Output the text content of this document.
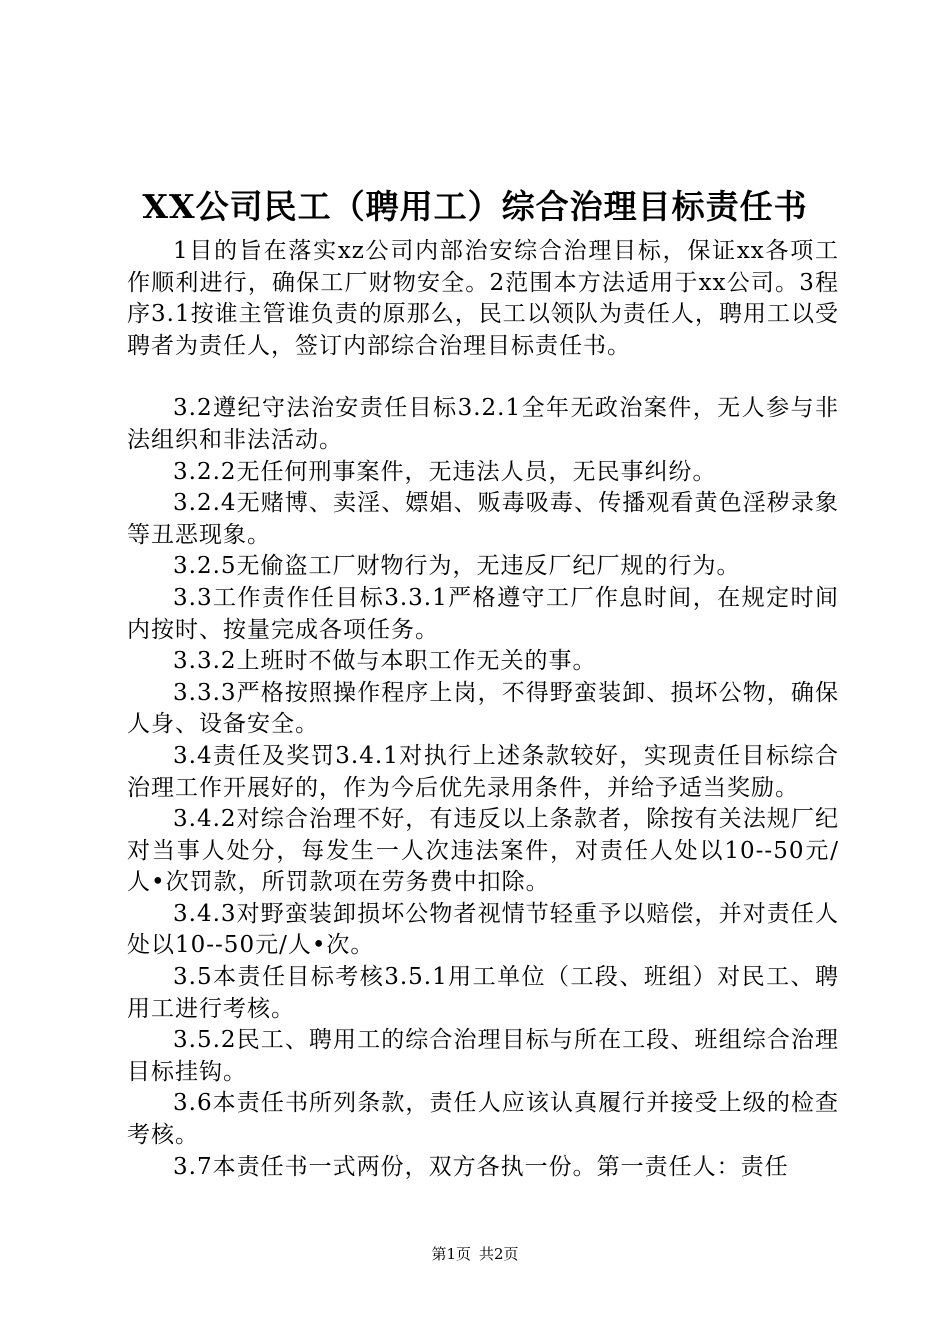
XX公司民工（聘用工）综合治理目标责任书

1目的旨在落实xz公司内部治安综合治理目标，保证xx各项工作顺利进行，确保工厂财物安全。2范围本方法适用于xx公司。3程序3.1按谁主管谁负责的原那么，民工以领队为责任人，聘用工以受聘者为责任人，签订内部综合治理目标责任书。

3.2遵纪守法治安责任目标3.2.1全年无政治案件，无人参与非法组织和非法活动。

3.2.2无任何刑事案件，无违法人员，无民事纠纷。

3.2.4无赌博、卖淫、嫖娼、贩毒吸毒、传播观看黄色淫秽录象等丑恶现象。

3.2.5无偷盗工厂财物行为，无违反厂纪厂规的行为。

3.3工作责作任目标3.3.1严格遵守工厂作息时间，在规定时间内按时、按量完成各项任务。

3.3.2上班时不做与本职工作无关的事。

3.3.3严格按照操作程序上岗，不得野蛮装卸、损坏公物，确保人身、设备安全。

3.4责任及奖罚3.4.1对执行上述条款较好，实现责任目标综合治理工作开展好的，作为今后优先录用条件，并给予适当奖励。

3.4.2对综合治理不好，有违反以上条款者，除按有关法规厂纪对当事人处分，每发生一人次违法案件，对责任人处以10--50元/人•次罚款，所罚款项在劳务费中扣除。

3.4.3对野蛮装卸损坏公物者视情节轻重予以赔偿，并对责任人处以10--50元/人•次。

3.5本责任目标考核3.5.1用工单位（工段、班组）对民工、聘用工进行考核。

3.5.2民工、聘用工的综合治理目标与所在工段、班组综合治理目标挂钩。

3.6本责任书所列条款，责任人应该认真履行并接受上级的检查考核。

3.7本责任书一式两份，双方各执一份。第一责任人：责任

第1页 共2页
